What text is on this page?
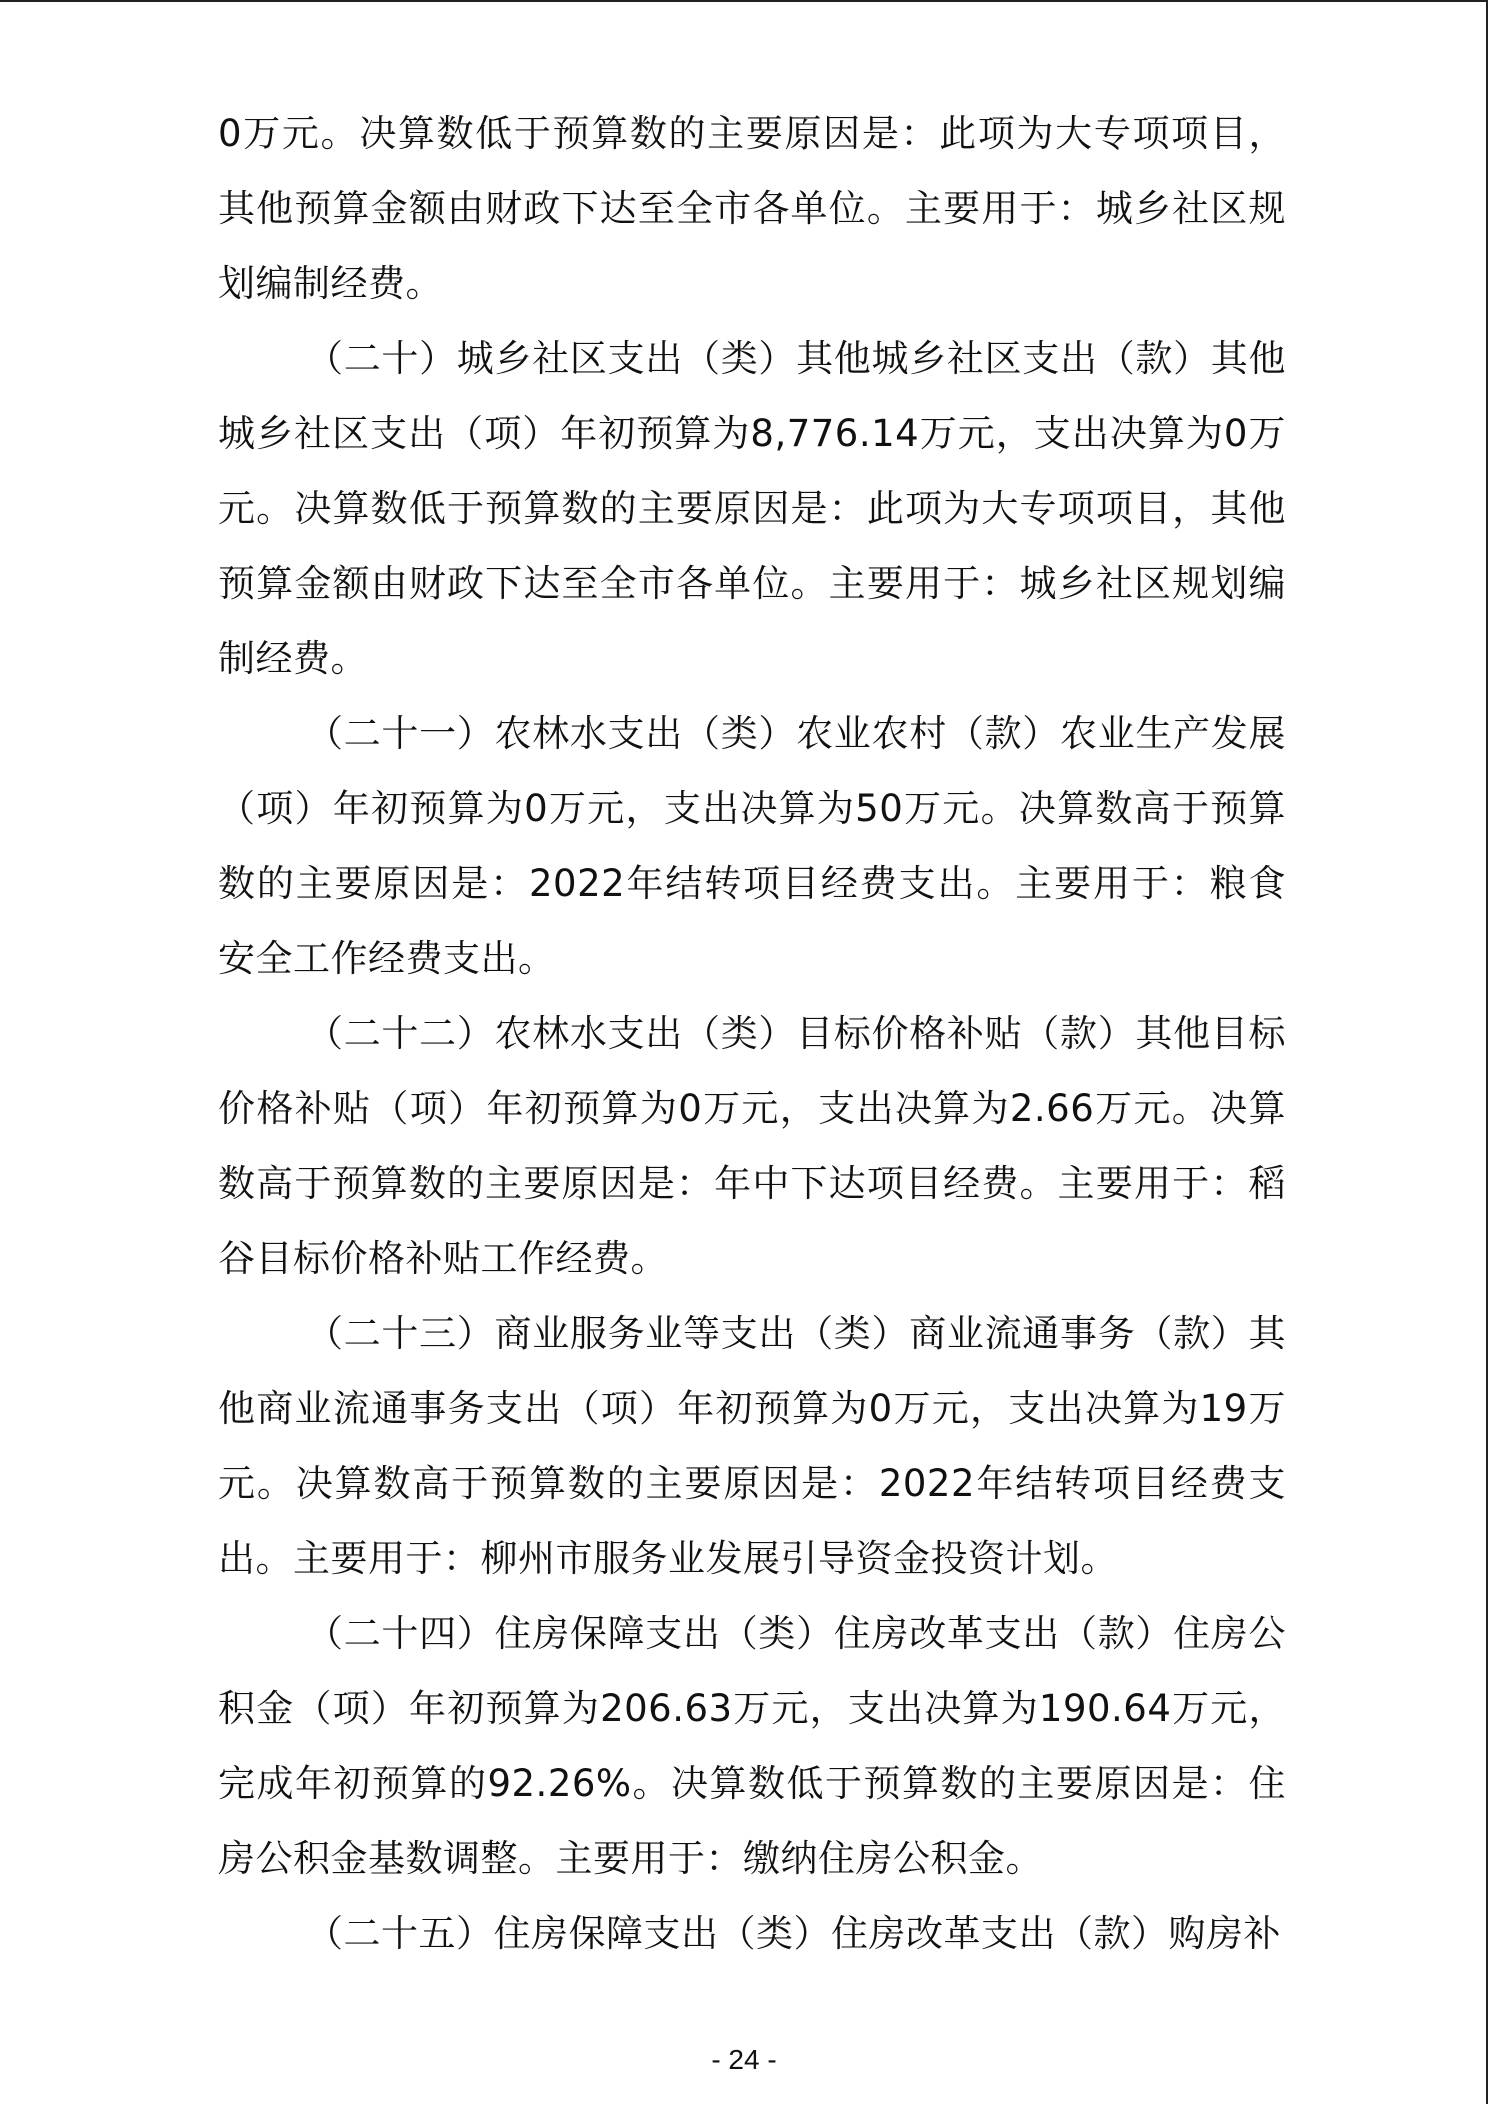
0万元。决算数低于预算数的主要原因是：此项为大专项项目，其他预算金额由财政下达至全市各单位。主要用于：城乡社区规划编制经费。

（二十）城乡社区支出（类）其他城乡社区支出（款）其他城乡社区支出（项）年初预算为8,776.14万元，支出决算为0万元。决算数低于预算数的主要原因是：此项为大专项项目，其他预算金额由财政下达至全市各单位。主要用于：城乡社区规划编制经费。

（二十一）农林水支出（类）农业农村（款）农业生产发展（项）年初预算为0万元，支出决算为50万元。决算数高于预算数的主要原因是：2022年结转项目经费支出。主要用于：粮食安全工作经费支出。

（二十二）农林水支出（类）目标价格补贴（款）其他目标价格补贴（项）年初预算为0万元，支出决算为2.66万元。决算数高于预算数的主要原因是：年中下达项目经费。主要用于：稻谷目标价格补贴工作经费。

（二十三）商业服务业等支出（类）商业流通事务（款）其他商业流通事务支出（项）年初预算为0万元，支出决算为19万元。决算数高于预算数的主要原因是：2022年结转项目经费支出。主要用于：柳州市服务业发展引导资金投资计划。

（二十四）住房保障支出（类）住房改革支出（款）住房公积金（项）年初预算为206.63万元，支出决算为190.64万元，完成年初预算的92.26%。决算数低于预算数的主要原因是：住房公积金基数调整。主要用于：缴纳住房公积金。

（二十五）住房保障支出（类）住房改革支出（款）购房补

- 24 -
